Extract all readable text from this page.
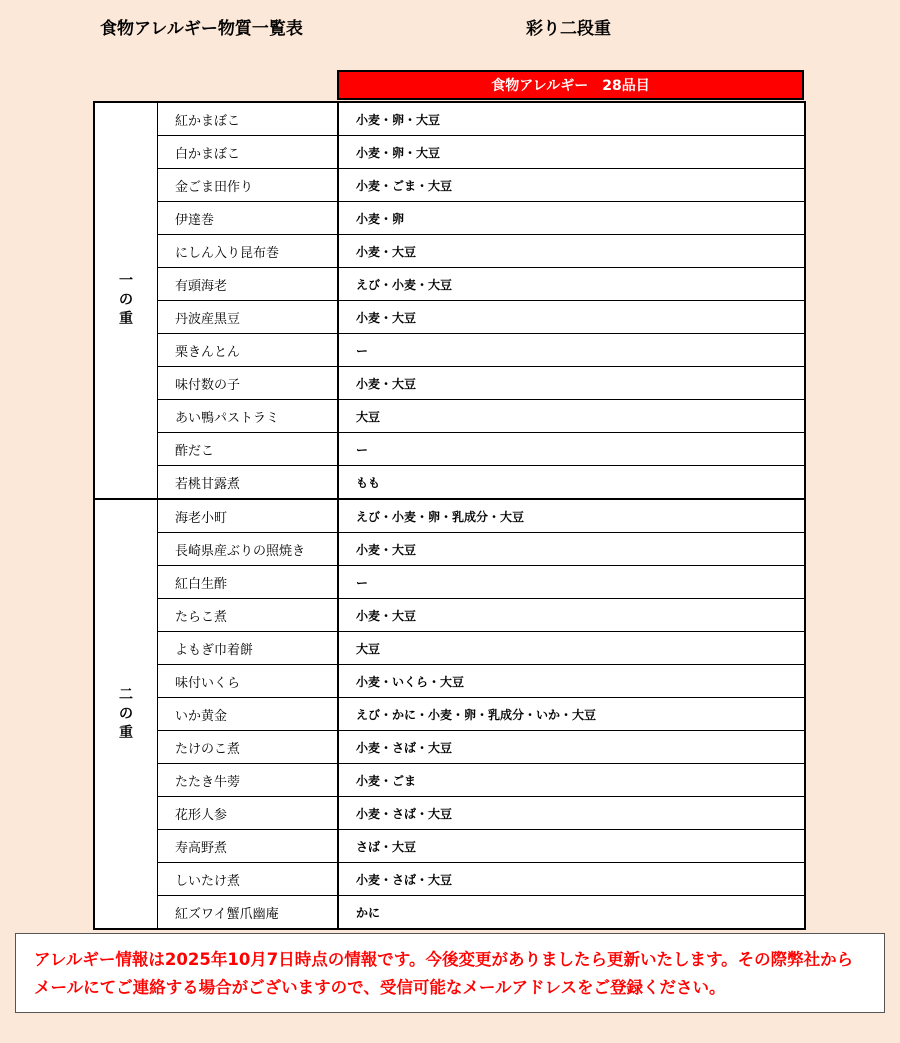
食物アレルギー物質一覧表	彩り二段重
食物アレルギー　28品目
一
の
重
紅かまぼこ	小麦・卵・大豆
白かまぼこ	小麦・卵・大豆
金ごま田作り	小麦・ごま・大豆
伊達巻	小麦・卵
にしん入り昆布巻	小麦・大豆
有頭海老	えび・小麦・大豆
丹波産黒豆	小麦・大豆
栗きんとん	ー
味付数の子	小麦・大豆
あい鴨パストラミ	大豆
酢だこ	ー
若桃甘露煮	もも
二
の
重
海老小町	えび・小麦・卵・乳成分・大豆
長崎県産ぶりの照焼き	小麦・大豆
紅白生酢	ー
たらこ煮	小麦・大豆
よもぎ巾着餅	大豆
味付いくら	小麦・いくら・大豆
いか黄金	えび・かに・小麦・卵・乳成分・いか・大豆
たけのこ煮	小麦・さば・大豆
たたき牛蒡	小麦・ごま
花形人参	小麦・さば・大豆
寿高野煮	さば・大豆
しいたけ煮	小麦・さば・大豆
紅ズワイ蟹爪幽庵	かに
アレルギー情報は2025年10月7日時点の情報です。今後変更がありましたら更新いたします。その際弊社からメールにてご連絡する場合がございますので、受信可能なメールアドレスをご登録ください。
